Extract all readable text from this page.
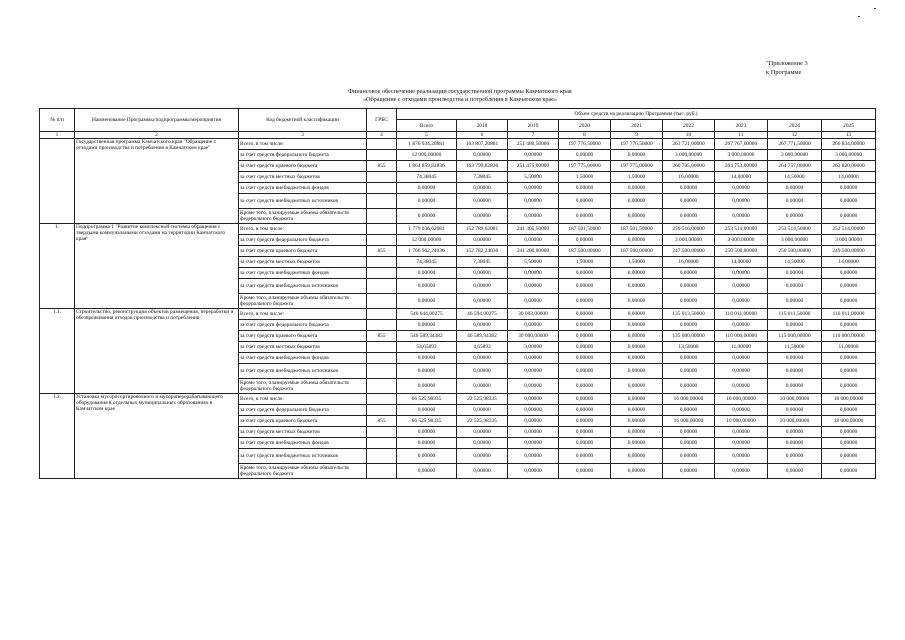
"Приложение 3
к Программе
Финансовое обеспечение реализации государственной программы Камчатского края
«Обращение с отходами производства и потребления в Камчатском крае»
№ п/п	Наименование Программы/подпрограммы/мероприятия	Код бюджетной классификации	ГРБС	Объем средств на реализацию Программы (тыс. руб.)								
				Всего	2018	2019	2020	2021	2022	2023	2024	2025
1	2	3	4	5	6	7	8	9	10	11	12	13
	Государственная программа Камчатского края "Обращение с отходами производства и потребления в Камчатском крае"	Всего, в том числе:		1 876 934,20881	163 807,20881	251 480,50000	197 776,50000	197 776,50000	263 721,00000	267 767,00000	267 771,50000	266 834,00000
		за счет средств федерального бюджета		12 000,00000	0,00000	0,00000	0,00000	0,00000	3 000,00000	3 000,00000	3 000,00000	3 000,00000
		за счет средств краевого бюджета	855	1 864 859,82836	163 799,82836	251 475,00000	197 775,00000	197 775,00000	260 705,00000	264 753,00000	264 757,00000	263 820,00000
		за счет средств местных бюджетов		74,38045	7,38045	5,50000	1,50000	1,50000	16,00000	14,00000	14,50000	14,00000
		за счет средств внебюджетных фондов		0,00000	0,00000	0,00000	0,00000	0,00000	0,00000	0,00000	0,00000	0,00000
		за счет средств внебюджетных источников		0,00000	0,00000	0,00000	0,00000	0,00000	0,00000	0,00000	0,00000	0,00000
		Кроме того, планируемые объемы обязательств федерального бюджета		0,00000	0,00000	0,00000	0,00000	0,00000	0,00000	0,00000	0,00000	0,00000
1.	Подпрограмма 1 "Развитие комплексной системы обращения с твердыми коммунальными отходами на территории Камчатского края"	Всего, в том числе:		1 779 036,62081	152 789,62081	241 305,50000	187 501,50000	187 501,50000	250 516,00000	253 514,00000	253 514,50000	252 514,00000
		за счет средств федерального бюджета		12 000,00000	0,00000	0,00000	0,00000	0,00000	3 000,00000	3 000,00000	3 000,00000	3 000,00000
		за счет средств краевого бюджета	855	1 766 962,24036	152 782,24036	241 200,00000	187 500,00000	187 500,00000	247 500,00000	250 500,00000	250 500,00000	249 500,00000
		за счет средств местных бюджетов		74,38045	7,38045	5,50000	1,50000	1,50000	16,00000	14,00000	14,50000	14,00000
		за счет средств внебюджетных фондов		0,00000	0,00000	0,00000	0,00000	0,00000	0,00000	0,00000	0,00000	0,00000
		за счет средств внебюджетных источников		0,00000	0,00000	0,00000	0,00000	0,00000	0,00000	0,00000	0,00000	0,00000
		Кроме того, планируемые объемы обязательств федерального бюджета		0,00000	0,00000	0,00000	0,00000	0,00000	0,00000	0,00000	0,00000	0,00000
1.1.	Строительство, реконструкция объектов размещения, переработки и обезвреживания отходов производства и потребления	Всего, в том числе:		546 644,00275	46 594,00275	30 003,00000	0,00000	0,00000	135 013,50000	110 011,00000	115 011,50000	110 011,00000
		за счет средств федерального бюджета		0,00000	0,00000	0,00000	0,00000	0,00000	0,00000	0,00000	0,00000	0,00000
		за счет средств краевого бюджета	855	546 589,34382	46 589,34382	30 000,00000	0,00000	0,00000	135 000,00000	110 000,00000	115 000,00000	110 000,00000
		за счет средств местных бюджетов		54,65893	4,65893	3,00000	0,00000	0,00000	13,50000	11,00000	11,50000	11,00000
		за счет средств внебюджетных фондов		0,00000	0,00000	0,00000	0,00000	0,00000	0,00000	0,00000	0,00000	0,00000
		за счет средств внебюджетных источников		0,00000	0,00000	0,00000	0,00000	0,00000	0,00000	0,00000	0,00000	0,00000
		Кроме того, планируемые объемы обязательств федерального бюджета		0,00000	0,00000	0,00000	0,00000	0,00000	0,00000	0,00000	0,00000	0,00000
1.2.	Установка мусоросортировочного и мусороперерабатывающего оборудования в отдельных муниципальных образованиях в Камчатском крае	Всего, в том числе:		66 525,98335	22 525,98335	0,00000	0,00000	0,00000	16 000,00000	10 000,00000	10 000,00000	18 000,00000
		за счет средств федерального бюджета		0,00000	0,00000	0,00000	0,00000	0,00000	0,00000	0,00000	0,00000	0,00000
		за счет средств краевого бюджета	855	66 525,98335	22 525,98335	0,00000	0,00000	0,00000	16 000,00000	10 000,00000	10 000,00000	18 000,00000
		за счет средств местных бюджетов		0,00000	0,00000	0,00000	0,00000	0,00000	0,00000	0,00000	0,00000	0,00000
		за счет средств внебюджетных фондов		0,00000	0,00000	0,00000	0,00000	0,00000	0,00000	0,00000	0,00000	0,00000
		за счет средств внебюджетных источников		0,00000	0,00000	0,00000	0,00000	0,00000	0,00000	0,00000	0,00000	0,00000
		Кроме того, планируемые объемы обязательств федерального бюджета		0,00000	0,00000	0,00000	0,00000	0,00000	0,00000	0,00000	0,00000	0,00000
